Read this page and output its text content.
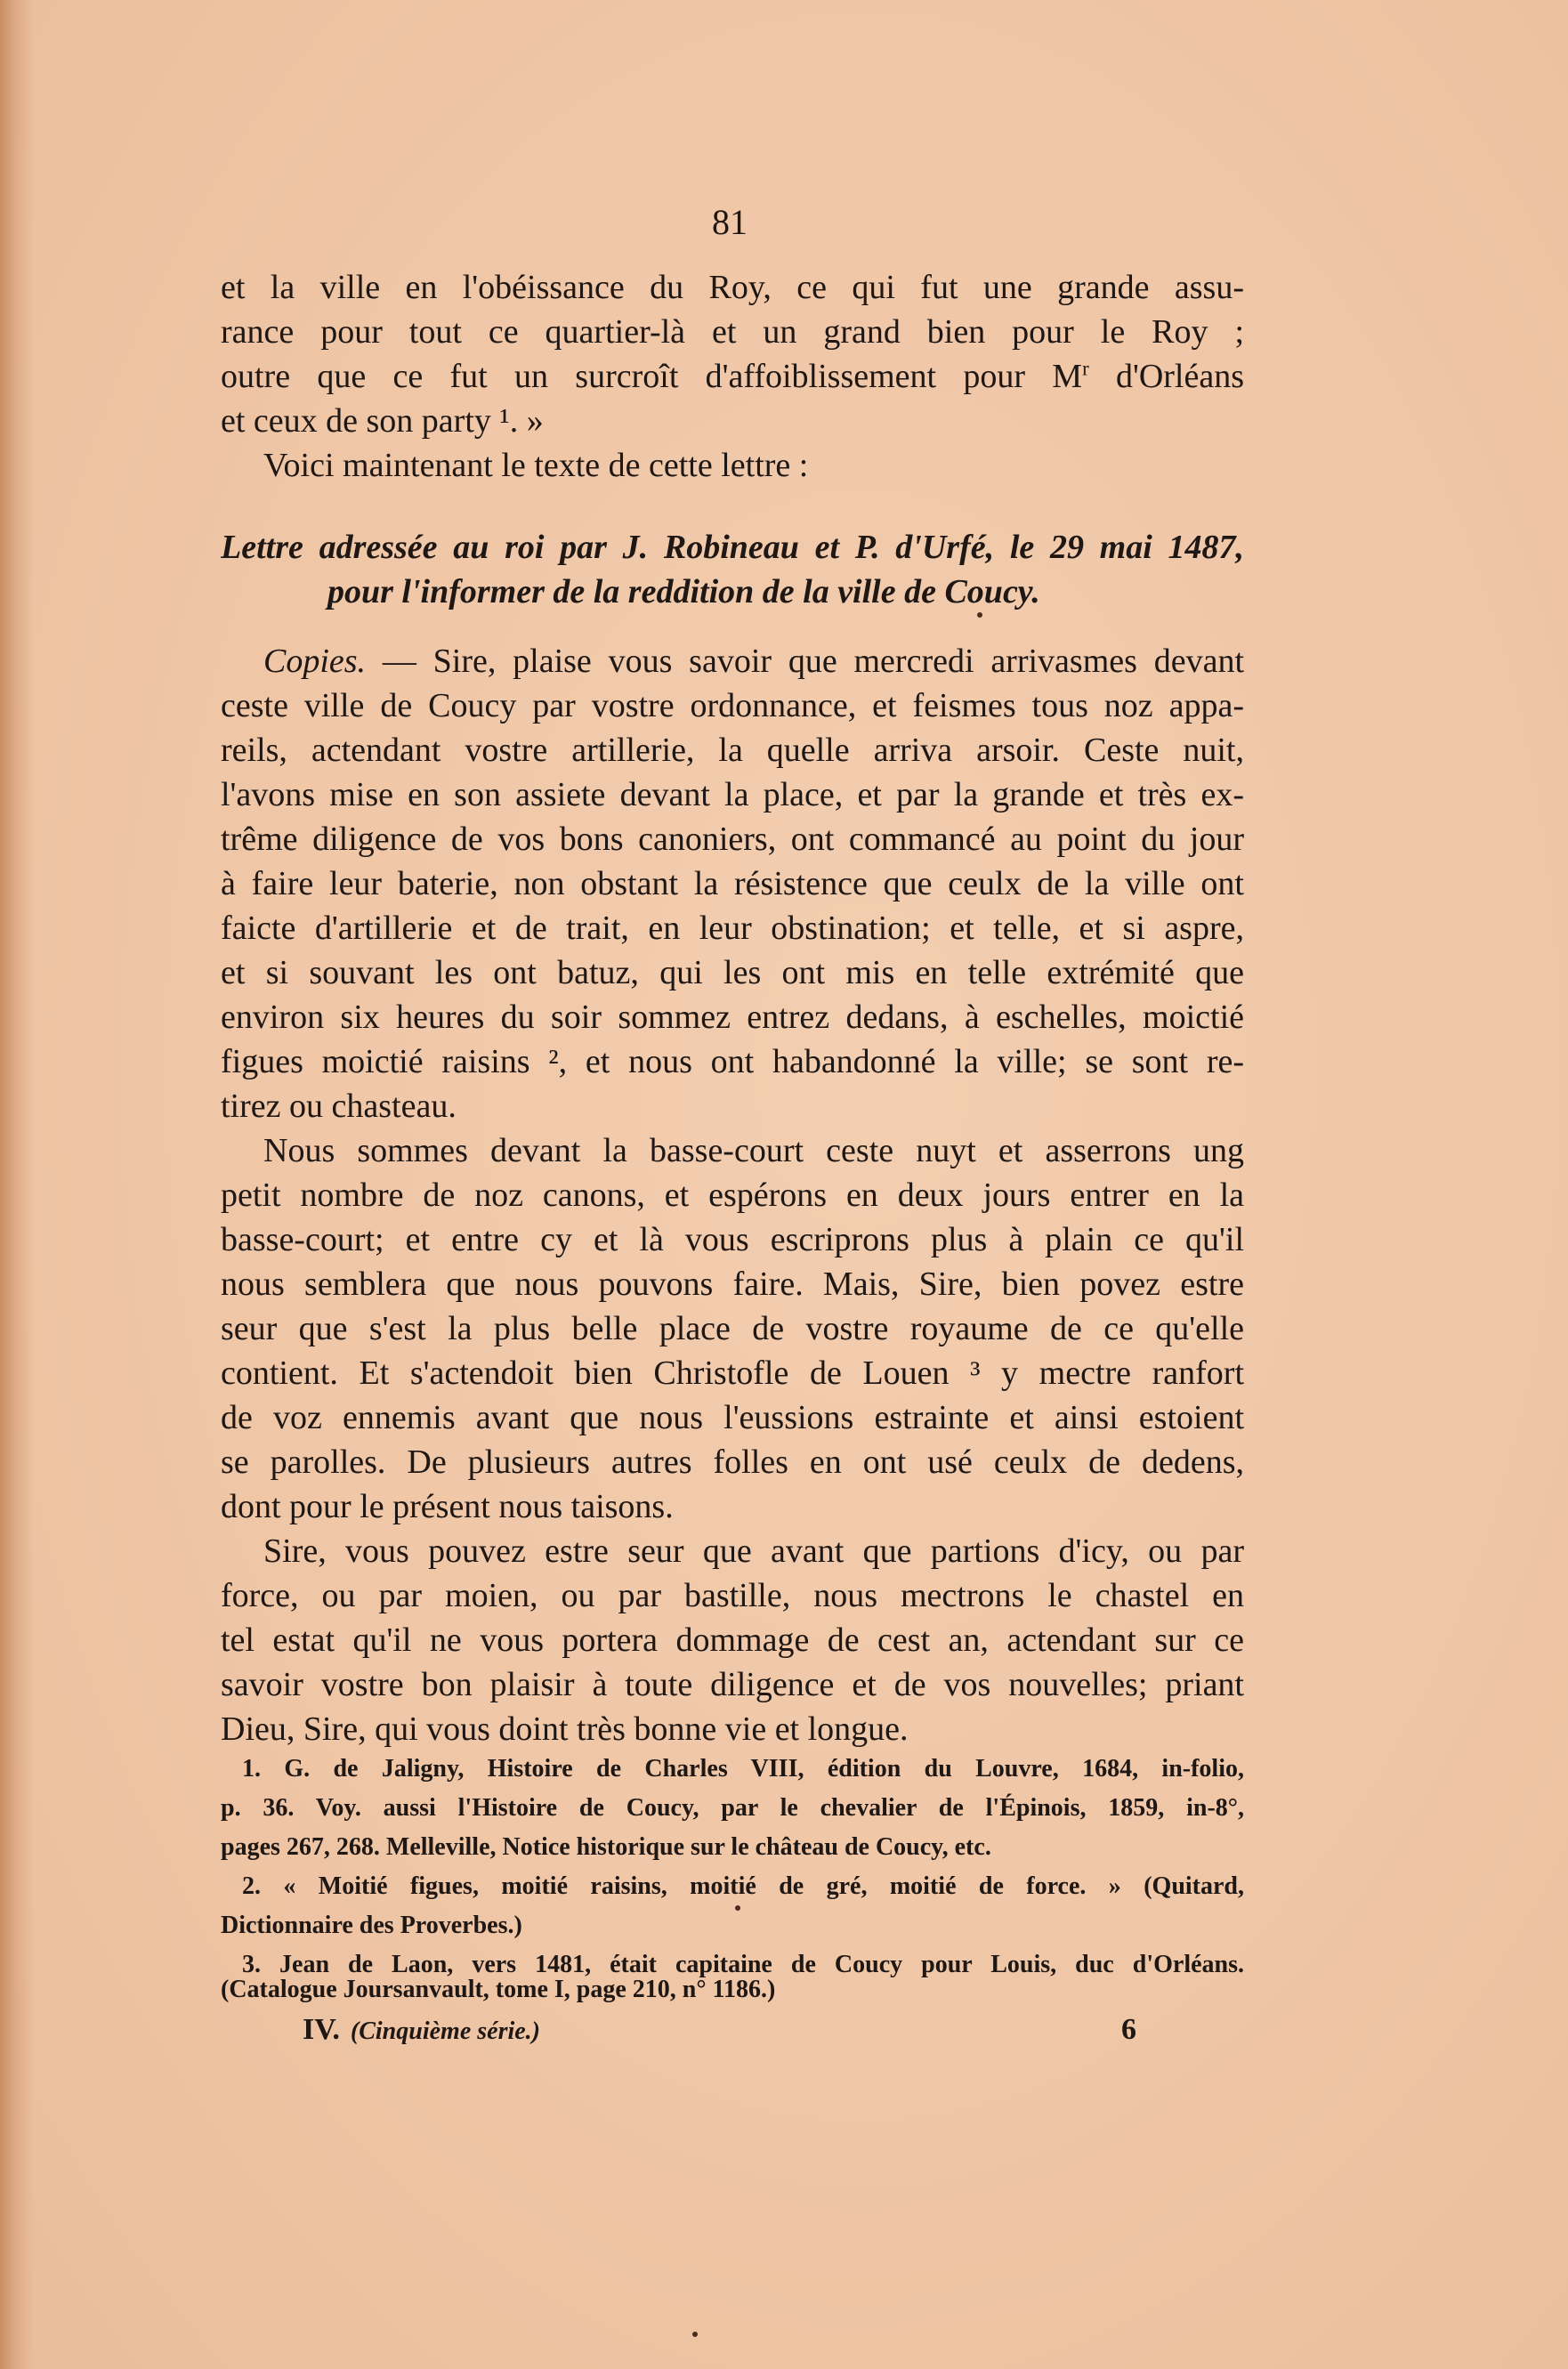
81
et la ville en l'obéissance du Roy, ce qui fut une grande assu-
rance pour tout ce quartier-là et un grand bien pour le Roy ;
outre que ce fut un surcroît d'affoiblissement pour $M^r$ d'Orléans
et ceux de son party ¹. »
Voici maintenant le texte de cette lettre :
Lettre adressée au roi par J. Robineau et P. d'Urfé, le 29 mai 1487,
pour l'informer de la reddition de la ville de Coucy.
Copies. — Sire, plaise vous savoir que mercredi arrivasmes devant
ceste ville de Coucy par vostre ordonnance, et feismes tous noz appa-
reils, actendant vostre artillerie, la quelle arriva arsoir. Ceste nuit,
l'avons mise en son assiete devant la place, et par la grande et très ex-
trême diligence de vos bons canoniers, ont commancé au point du jour
à faire leur baterie, non obstant la résistence que ceulx de la ville ont
faicte d'artillerie et de trait, en leur obstination; et telle, et si aspre,
et si souvant les ont batuz, qui les ont mis en telle extrémité que
environ six heures du soir sommez entrez dedans, à eschelles, moictié
figues moictié raisins ², et nous ont habandonné la ville; se sont re-
tirez ou chasteau.
Nous sommes devant la basse-court ceste nuyt et asserrons ung
petit nombre de noz canons, et espérons en deux jours entrer en la
basse-court; et entre cy et là vous escriprons plus à plain ce qu'il
nous semblera que nous pouvons faire. Mais, Sire, bien povez estre
seur que s'est la plus belle place de vostre royaume de ce qu'elle
contient. Et s'actendoit bien Christofle de Louen ³ y mectre ranfort
de voz ennemis avant que nous l'eussions estrainte et ainsi estoient
se parolles. De plusieurs autres folles en ont usé ceulx de dedens,
dont pour le présent nous taisons.
Sire, vous pouvez estre seur que avant que partions d'icy, ou par
force, ou par moien, ou par bastille, nous mectrons le chastel en
tel estat qu'il ne vous portera dommage de cest an, actendant sur ce
savoir vostre bon plaisir à toute diligence et de vos nouvelles; priant
Dieu, Sire, qui vous doint très bonne vie et longue.
1. G. de Jaligny, Histoire de Charles VIII, édition du Louvre, 1684, in-folio,
p. 36. Voy. aussi l'Histoire de Coucy, par le chevalier de l'Épinois, 1859, in-8°,
pages 267, 268. Melleville, Notice historique sur le château de Coucy, etc.
2. « Moitié figues, moitié raisins, moitié de gré, moitié de force. » (Quitard,
Dictionnaire des Proverbes.)
3. Jean de Laon, vers 1481, était capitaine de Coucy pour Louis, duc d'Orléans.
(Catalogue Joursanvault, tome I, page 210, n° 1186.)
IV. (Cinquième série.)	6
